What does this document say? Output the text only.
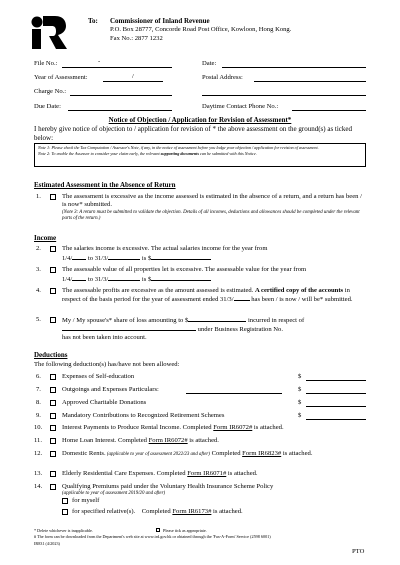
To: Commissioner of Inland Revenue
P.O. Box 28777, Concorde Road Post Office, Kowloon, Hong Kong.
Fax No.: 2877 1232
File No.:	-	Date:
Year of Assessment:	/	Postal Address:
Charge No.:
Due Date:	Daytime Contact Phone No.:
Notice of Objection / Application for Revision of Assessment*
I hereby give notice of objection to / application for revision of * the above assessment on the ground(s) as ticked below:
Note 1: Please check the Tax Computation / Assessor's Note, if any, in the notice of assessment before you lodge your objection / application for revision of assessment.
Note 2: To enable the Assessor to consider your claim early, the relevant supporting documents can be submitted with this Notice.
Estimated Assessment in the Absence of Return
1.	The assessment is excessive as the income assessed is estimated in the absence of a return, and a return has been / is now* submitted.
(Note 3: A return must be submitted to validate the objection. Details of all incomes, deductions and allowances should be completed under the relevant parts of the return.)
Income
2.	The salaries income is excessive. The actual salaries income for the year from
1/4/ to 31/3/	is $
3.	The assessable value of all properties let is excessive. The assessable value for the year from
1/4/ to 31/3/	is $
4.	The assessable profits are excessive as the amount assessed is estimated. A certified copy of the accounts in respect of the basis period for the year of assessment ended 31/3/	has been / is now / will be* submitted.
5.	My / My spouse's* share of loss amounting to $	incurred in respect of
under Business Registration No.
has not been taken into account.
Deductions
The following deduction(s) has/have not been allowed:
6.	Expenses of Self-education	$
7.	Outgoings and Expenses Particulars:	$
8.	Approved Charitable Donations	$
9.	Mandatory Contributions to Recognized Retirement Schemes	$
10.	Interest Payments to Produce Rental Income. Completed Form IR6072# is attached.
11.	Home Loan Interest. Completed Form IR6072# is attached.
12.	Domestic Rents. (applicable to year of assessment 2022/23 and after) Completed Form IR6823# is attached.
13.	Elderly Residential Care Expenses. Completed Form IR6071# is attached.
14.	Qualifying Premiums paid under the Voluntary Health Insurance Scheme Policy
(applicable to year of assessment 2019/20 and after)
for myself
for specified relative(s). Completed Form IR6173# is attached.
* Delete whichever is inapplicable.	Please tick as appropriate.
# The form can be downloaded from the Department's web site at www.ird.gov.hk or obtained through the 'Fax-A-Form' Service (2598 6001)
IR831 (4/2023)
PTO
